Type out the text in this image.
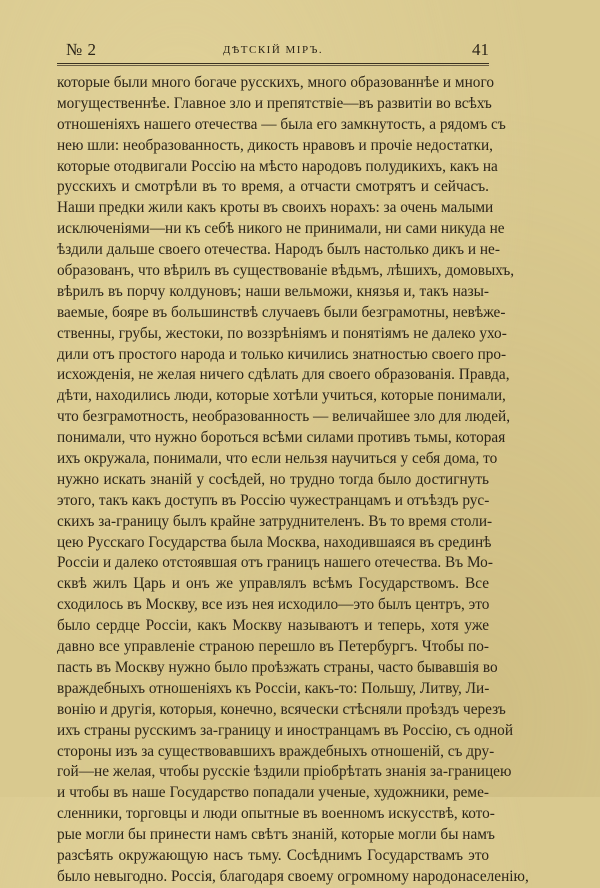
№ 2	ДѢТСКІЙ МІРЪ.	41
которые были много богаче русскихъ, много образованнѣе и много
могущественнѣе. Главное зло и препятствіе—въ развитіи во всѣхъ
отношеніяхъ нашего отечества — была его замкнутость, а рядомъ съ
нею шли: необразованность, дикость нравовъ и прочіе недостатки,
которые отодвигали Россію на мѣсто народовъ полудикихъ, какъ на
русскихъ и смотрѣли въ то время, а отчасти смотрятъ и сейчасъ.
Наши предки жили какъ кроты въ своихъ норахъ: за очень малыми
исключеніями—ни къ себѣ никого не принимали, ни сами никуда не
ѣздили дальше своего отечества. Народъ былъ настолько дикъ и не-
образованъ, что вѣрилъ въ существованіе вѣдьмъ, лѣшихъ, домовыхъ,
вѣрилъ въ порчу колдуновъ; наши вельможи, князья и, такъ назы-
ваемые, бояре въ большинствѣ случаевъ были безграмотны, невѣже-
ственны, грубы, жестоки, по воззрѣніямъ и понятіямъ не далеко ухо-
дили отъ простого народа и только кичились знатностью своего про-
исхожденія, не желая ничего сдѣлать для своего образованія. Правда,
дѣти, находились люди, которые хотѣли учиться, которые понимали,
что безграмотность, необразованность — величайшее зло для людей,
понимали, что нужно бороться всѣми силами противъ тьмы, которая
ихъ окружала, понимали, что если нельзя научиться у себя дома, то
нужно искать знаній у сосѣдей, но трудно тогда было достигнуть
этого, такъ какъ доступъ въ Россію чужестранцамъ и отъѣздъ рус-
скихъ за-границу былъ крайне затруднителенъ. Въ то время столи-
цею Русскаго Государства была Москва, находившаяся въ срединѣ
Россіи и далеко отстоявшая отъ границъ нашего отечества. Въ Мо-
сквѣ жилъ Царь и онъ же управлялъ всѣмъ Государствомъ. Все
сходилось въ Москву, все изъ нея исходило—это былъ центръ, это
было сердце Россіи, какъ Москву называютъ и теперь, хотя уже
давно все управленіе страною перешло въ Петербургъ. Чтобы по-
пасть въ Москву нужно было проѣзжать страны, часто бывавшія во
враждебныхъ отношеніяхъ къ Россіи, какъ-то: Польшу, Литву, Ли-
вонію и другія, которыя, конечно, всячески стѣсняли проѣздъ черезъ
ихъ страны русскимъ за-границу и иностранцамъ въ Россію, съ одной
стороны изъ за существовавшихъ враждебныхъ отношеній, съ дру-
гой—не желая, чтобы русскіе ѣздили пріобрѣтать знанія за-границею
и чтобы въ наше Государство попадали ученые, художники, реме-
сленники, торговцы и люди опытные въ военномъ искусствѣ, кото-
рые могли бы принести намъ свѣтъ знаній, которые могли бы намъ
разсѣять окружающую насъ тьму. Сосѣднимъ Государствамъ это
было невыгодно. Россія, благодаря своему огромному народонаселенію,
